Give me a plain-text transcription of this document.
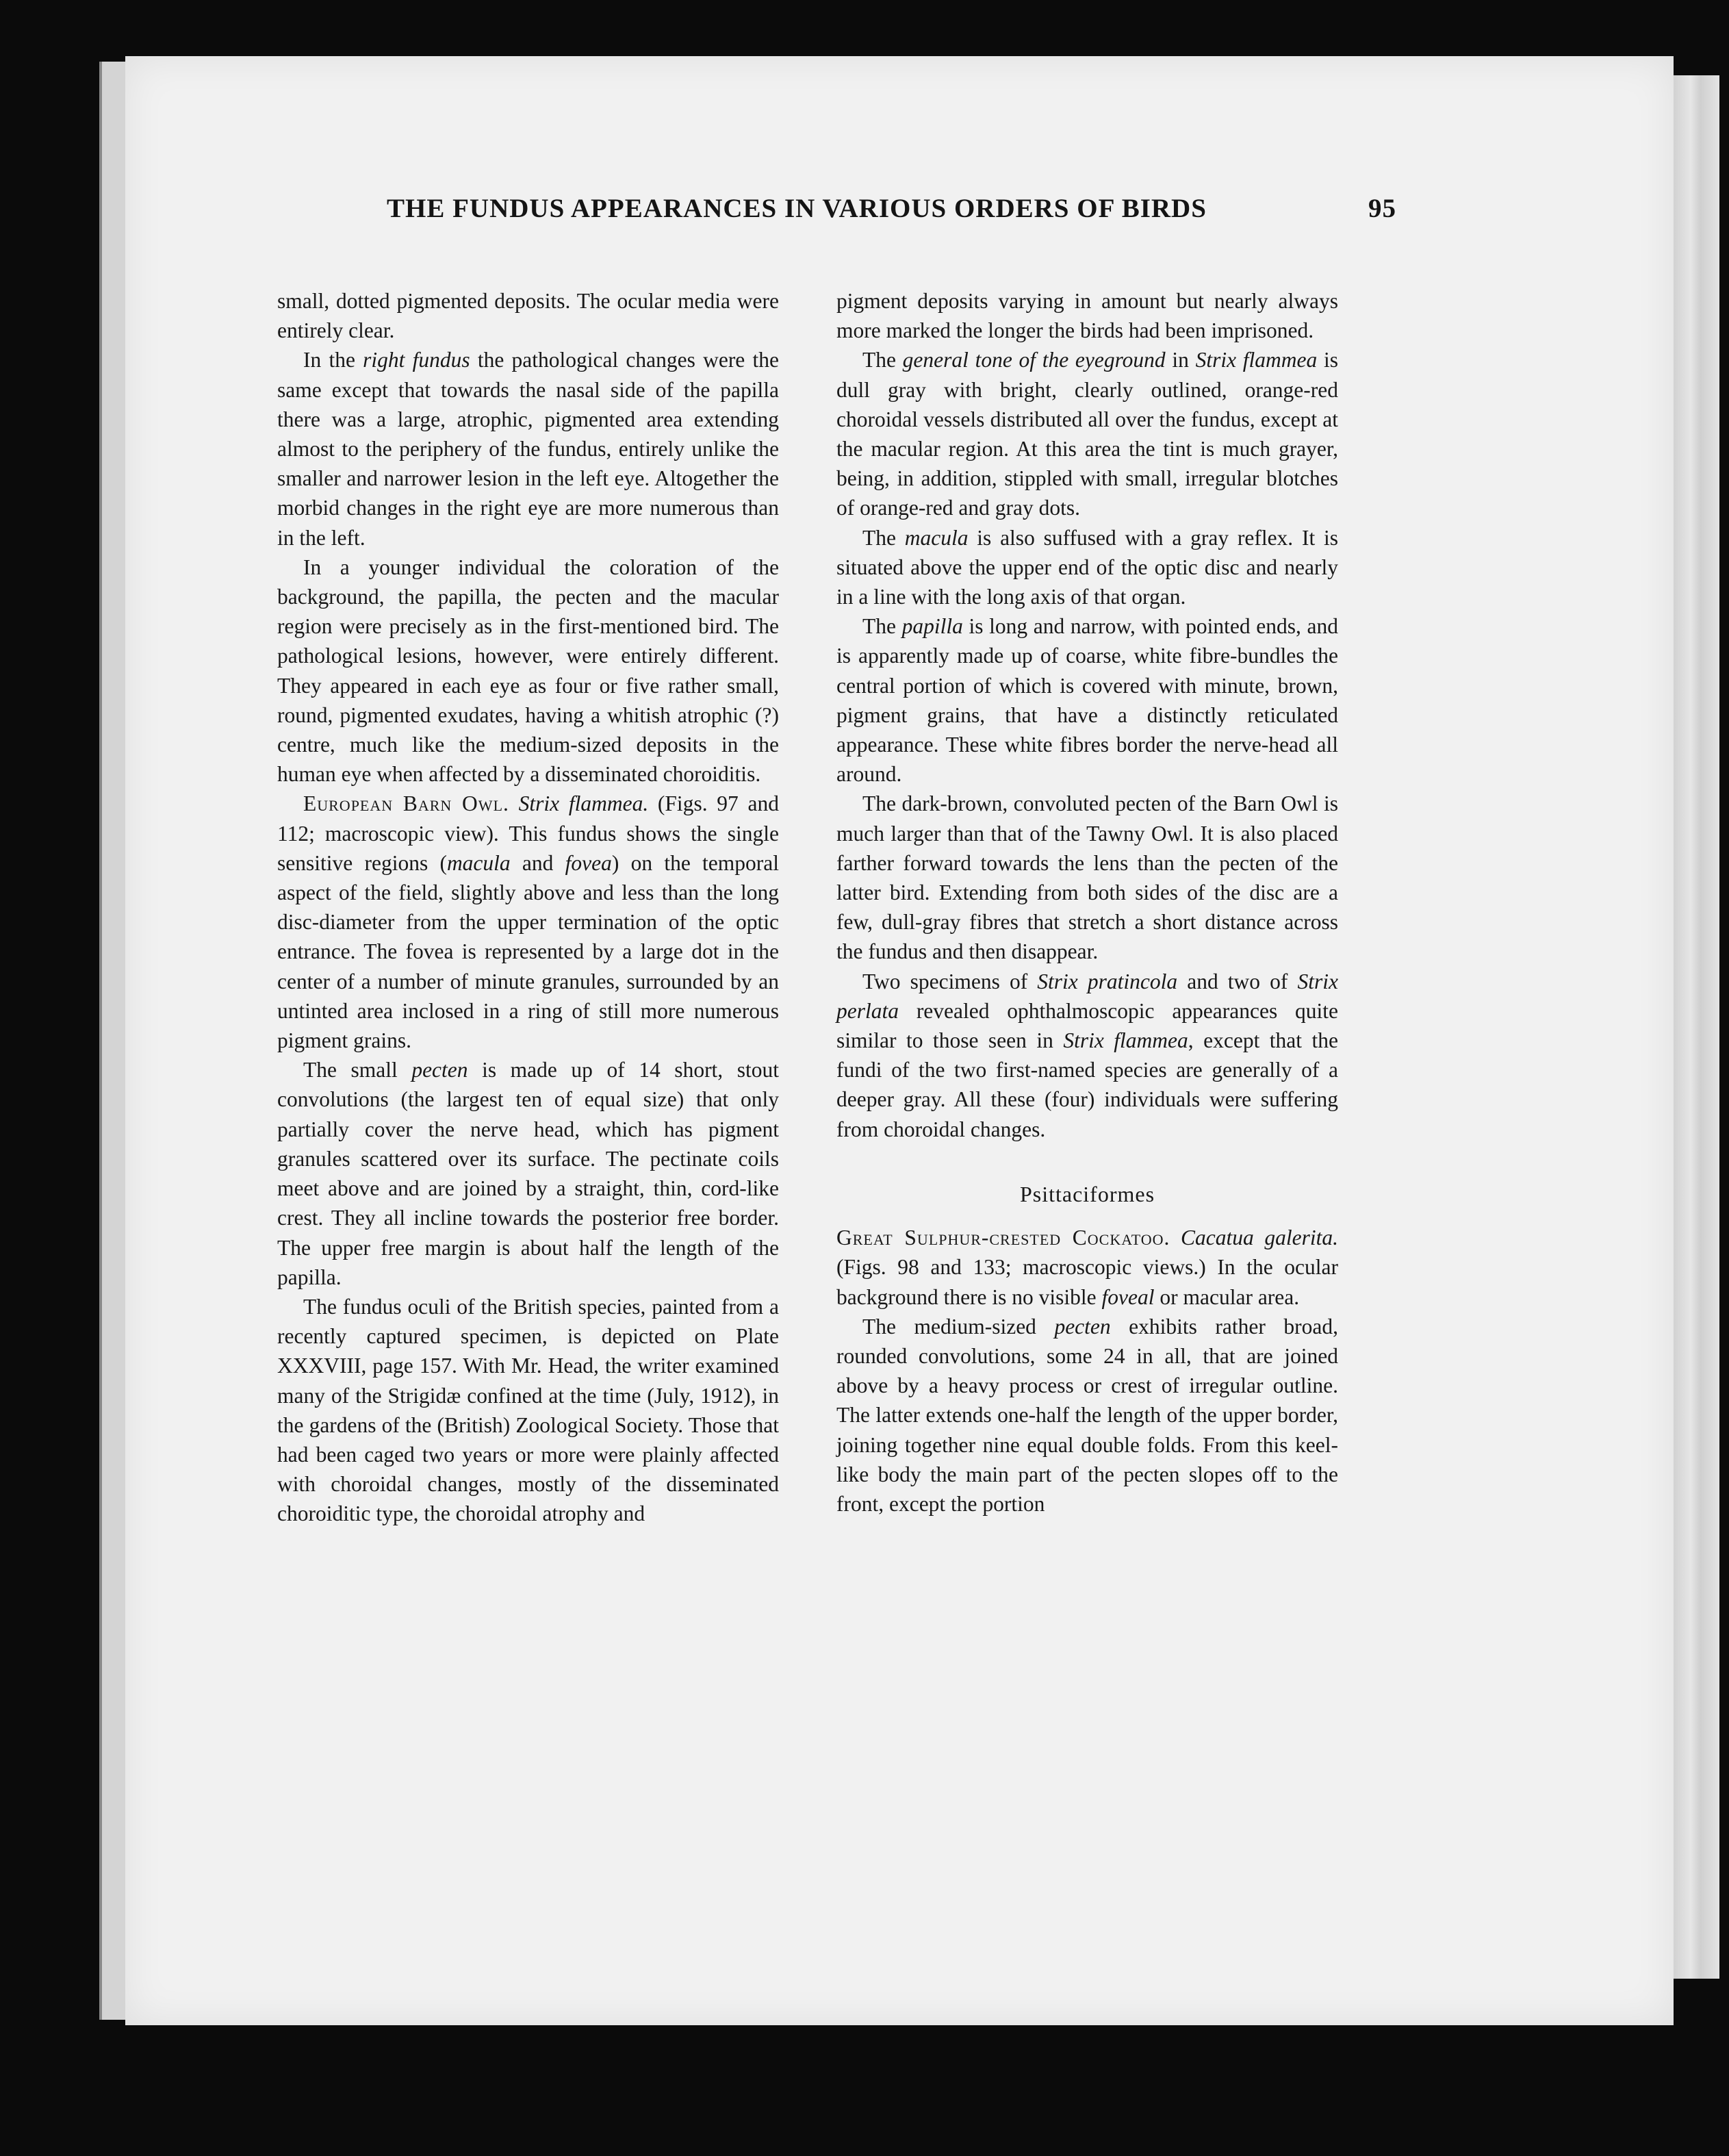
THE FUNDUS APPEARANCES IN VARIOUS ORDERS OF BIRDS	95

small, dotted pigmented deposits. The ocular media were entirely clear.

In the right fundus the pathological changes were the same except that towards the nasal side of the papilla there was a large, atrophic, pigmented area extending almost to the periphery of the fundus, entirely unlike the smaller and narrower lesion in the left eye. Altogether the morbid changes in the right eye are more numerous than in the left.

In a younger individual the coloration of the background, the papilla, the pecten and the macular region were precisely as in the first-mentioned bird. The pathological lesions, however, were entirely different. They appeared in each eye as four or five rather small, round, pigmented exudates, having a whitish atrophic (?) centre, much like the medium-sized deposits in the human eye when affected by a disseminated choroiditis.

European Barn Owl. Strix flammea. (Figs. 97 and 112; macroscopic view). This fundus shows the single sensitive regions (macula and fovea) on the temporal aspect of the field, slightly above and less than the long disc-diameter from the upper termination of the optic entrance. The fovea is represented by a large dot in the center of a number of minute granules, surrounded by an untinted area inclosed in a ring of still more numerous pigment grains.

The small pecten is made up of 14 short, stout convolutions (the largest ten of equal size) that only partially cover the nerve head, which has pigment granules scattered over its surface. The pectinate coils meet above and are joined by a straight, thin, cord-like crest. They all incline towards the posterior free border. The upper free margin is about half the length of the papilla.

The fundus oculi of the British species, painted from a recently captured specimen, is depicted on Plate XXXVIII, page 157. With Mr. Head, the writer examined many of the Strigidæ confined at the time (July, 1912), in the gardens of the (British) Zoological Society. Those that had been caged two years or more were plainly affected with choroidal changes, mostly of the disseminated choroiditic type, the choroidal atrophy and

pigment deposits varying in amount but nearly always more marked the longer the birds had been imprisoned.

The general tone of the eyeground in Strix flammea is dull gray with bright, clearly outlined, orange-red choroidal vessels distributed all over the fundus, except at the macular region. At this area the tint is much grayer, being, in addition, stippled with small, irregular blotches of orange-red and gray dots.

The macula is also suffused with a gray reflex. It is situated above the upper end of the optic disc and nearly in a line with the long axis of that organ.

The papilla is long and narrow, with pointed ends, and is apparently made up of coarse, white fibre-bundles the central portion of which is covered with minute, brown, pigment grains, that have a distinctly reticulated appearance. These white fibres border the nerve-head all around.

The dark-brown, convoluted pecten of the Barn Owl is much larger than that of the Tawny Owl. It is also placed farther forward towards the lens than the pecten of the latter bird. Extending from both sides of the disc are a few, dull-gray fibres that stretch a short distance across the fundus and then disappear.

Two specimens of Strix pratincola and two of Strix perlata revealed ophthalmoscopic appearances quite similar to those seen in Strix flammea, except that the fundi of the two first-named species are generally of a deeper gray. All these (four) individuals were suffering from choroidal changes.

Psittaciformes

Great Sulphur-crested Cockatoo. Cacatua galerita. (Figs. 98 and 133; macroscopic views.) In the ocular background there is no visible foveal or macular area.

The medium-sized pecten exhibits rather broad, rounded convolutions, some 24 in all, that are joined above by a heavy process or crest of irregular outline. The latter extends one-half the length of the upper border, joining together nine equal double folds. From this keel-like body the main part of the pecten slopes off to the front, except the portion
